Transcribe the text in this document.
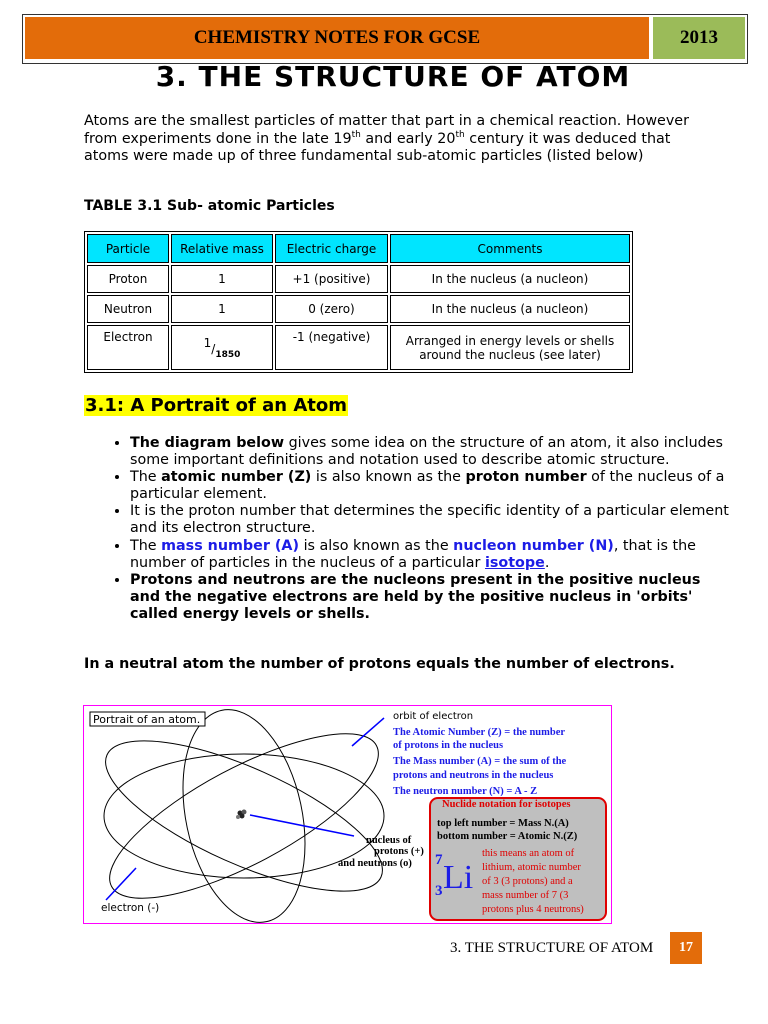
CHEMISTRY NOTES FOR GCSE	2013
3. THE STRUCTURE OF ATOM
Atoms are the smallest particles of matter that part in a chemical reaction. However from experiments done in the late 19th and early 20th century it was deduced that atoms were made up of three fundamental sub-atomic particles (listed below)
TABLE 3.1 Sub- atomic Particles
Particle	Relative mass	Electric charge	Comments
Proton	1	+1 (positive)	In the nucleus (a nucleon)
Neutron	1	0 (zero)	In the nucleus (a nucleon)
Electron	$1/_{1850}$	-1 (negative)	Arranged in energy levels or shells around the nucleus (see later)
3.1: A Portrait of an Atom
• The diagram below gives some idea on the structure of an atom, it also includes some important definitions and notation used to describe atomic structure.
• The atomic number (Z) is also known as the proton number of the nucleus of a particular element.
• It is the proton number that determines the specific identity of a particular element and its electron structure.
• The mass number (A) is also known as the nucleon number (N), that is the number of particles in the nucleus of a particular isotope.
• Protons and neutrons are the nucleons present in the positive nucleus and the negative electrons are held by the positive nucleus in 'orbits' called energy levels or shells.
In a neutral atom the number of protons equals the number of electrons.
Portrait of an atom.	orbit of electron
The Atomic Number (Z) = the number
of protons in the nucleus
The Mass number (A) = the sum of the
protons and neutrons in the nucleus
The neutron number (N) = A - Z
Nuclide notation for isotopes
top left number = Mass N.(A)
bottom number = Atomic N.(Z)
7
3 Li
this means an atom of
lithium, atomic number
of 3 (3 protons) and a
mass number of 7 (3
protons plus 4 neutrons)
nucleus of
protons (+)
and neutrons (o)
electron (-)
3. THE STRUCTURE OF ATOM	17
